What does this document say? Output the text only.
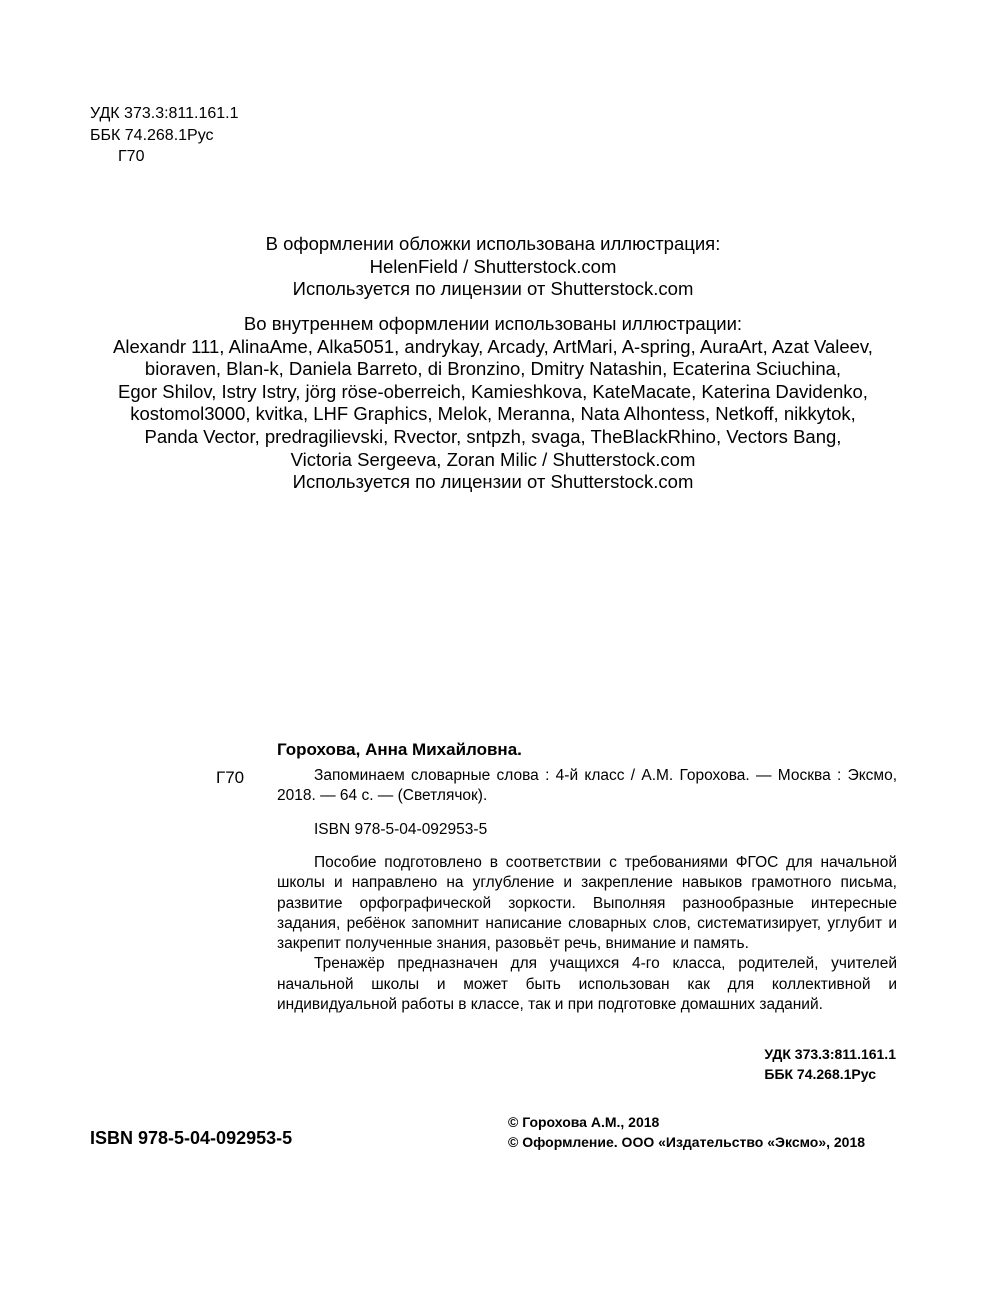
УДК 373.3:811.161.1
ББК 74.268.1Рус
Г70
В оформлении обложки использована иллюстрация:
HelenField / Shutterstock.com
Используется по лицензии от Shutterstock.com
Во внутреннем оформлении использованы иллюстрации:
Alexandr 111, AlinaAme, Alka5051, andrykay, Arcady, ArtMari, A-spring, AuraArt, Azat Valeev,
bioraven, Blan-k, Daniela Barreto, di Bronzino, Dmitry Natashin, Ecaterina Sciuchina,
Egor Shilov, Istry Istry, jörg röse-oberreich, Kamieshkova, KateMacate, Katerina Davidenko,
kostomol3000, kvitka, LHF Graphics, Melok, Meranna, Nata Alhontess, Netkoff, nikkytok,
Panda Vector, predragilievski, Rvector, sntpzh, svaga, TheBlackRhino, Vectors Bang,
Victoria Sergeeva, Zoran Milic / Shutterstock.com
Используется по лицензии от Shutterstock.com
Г70
Горохова, Анна Михайловна.
Запоминаем словарные слова : 4-й класс / А.М. Горохова. — Москва : Эксмо, 2018. — 64 с. — (Светлячок).
ISBN 978-5-04-092953-5

Пособие подготовлено в соответствии с требованиями ФГОС для начальной школы и направлено на углубление и закрепление навыков грамотного письма, развитие орфографической зоркости. Выполняя разнообразные интересные задания, ребёнок запомнит написание словарных слов, систематизирует, углубит и закрепит полученные знания, разовьёт речь, внимание и память.

Тренажёр предназначен для учащихся 4-го класса, родителей, учителей начальной школы и может быть использован как для коллективной и индивидуальной работы в классе, так и при подготовке домашних заданий.

УДК 373.3:811.161.1
ББК 74.268.1Рус
© Горохова А.М., 2018
© Оформление. ООО «Издательство «Эксмо», 2018
ISBN 978-5-04-092953-5
